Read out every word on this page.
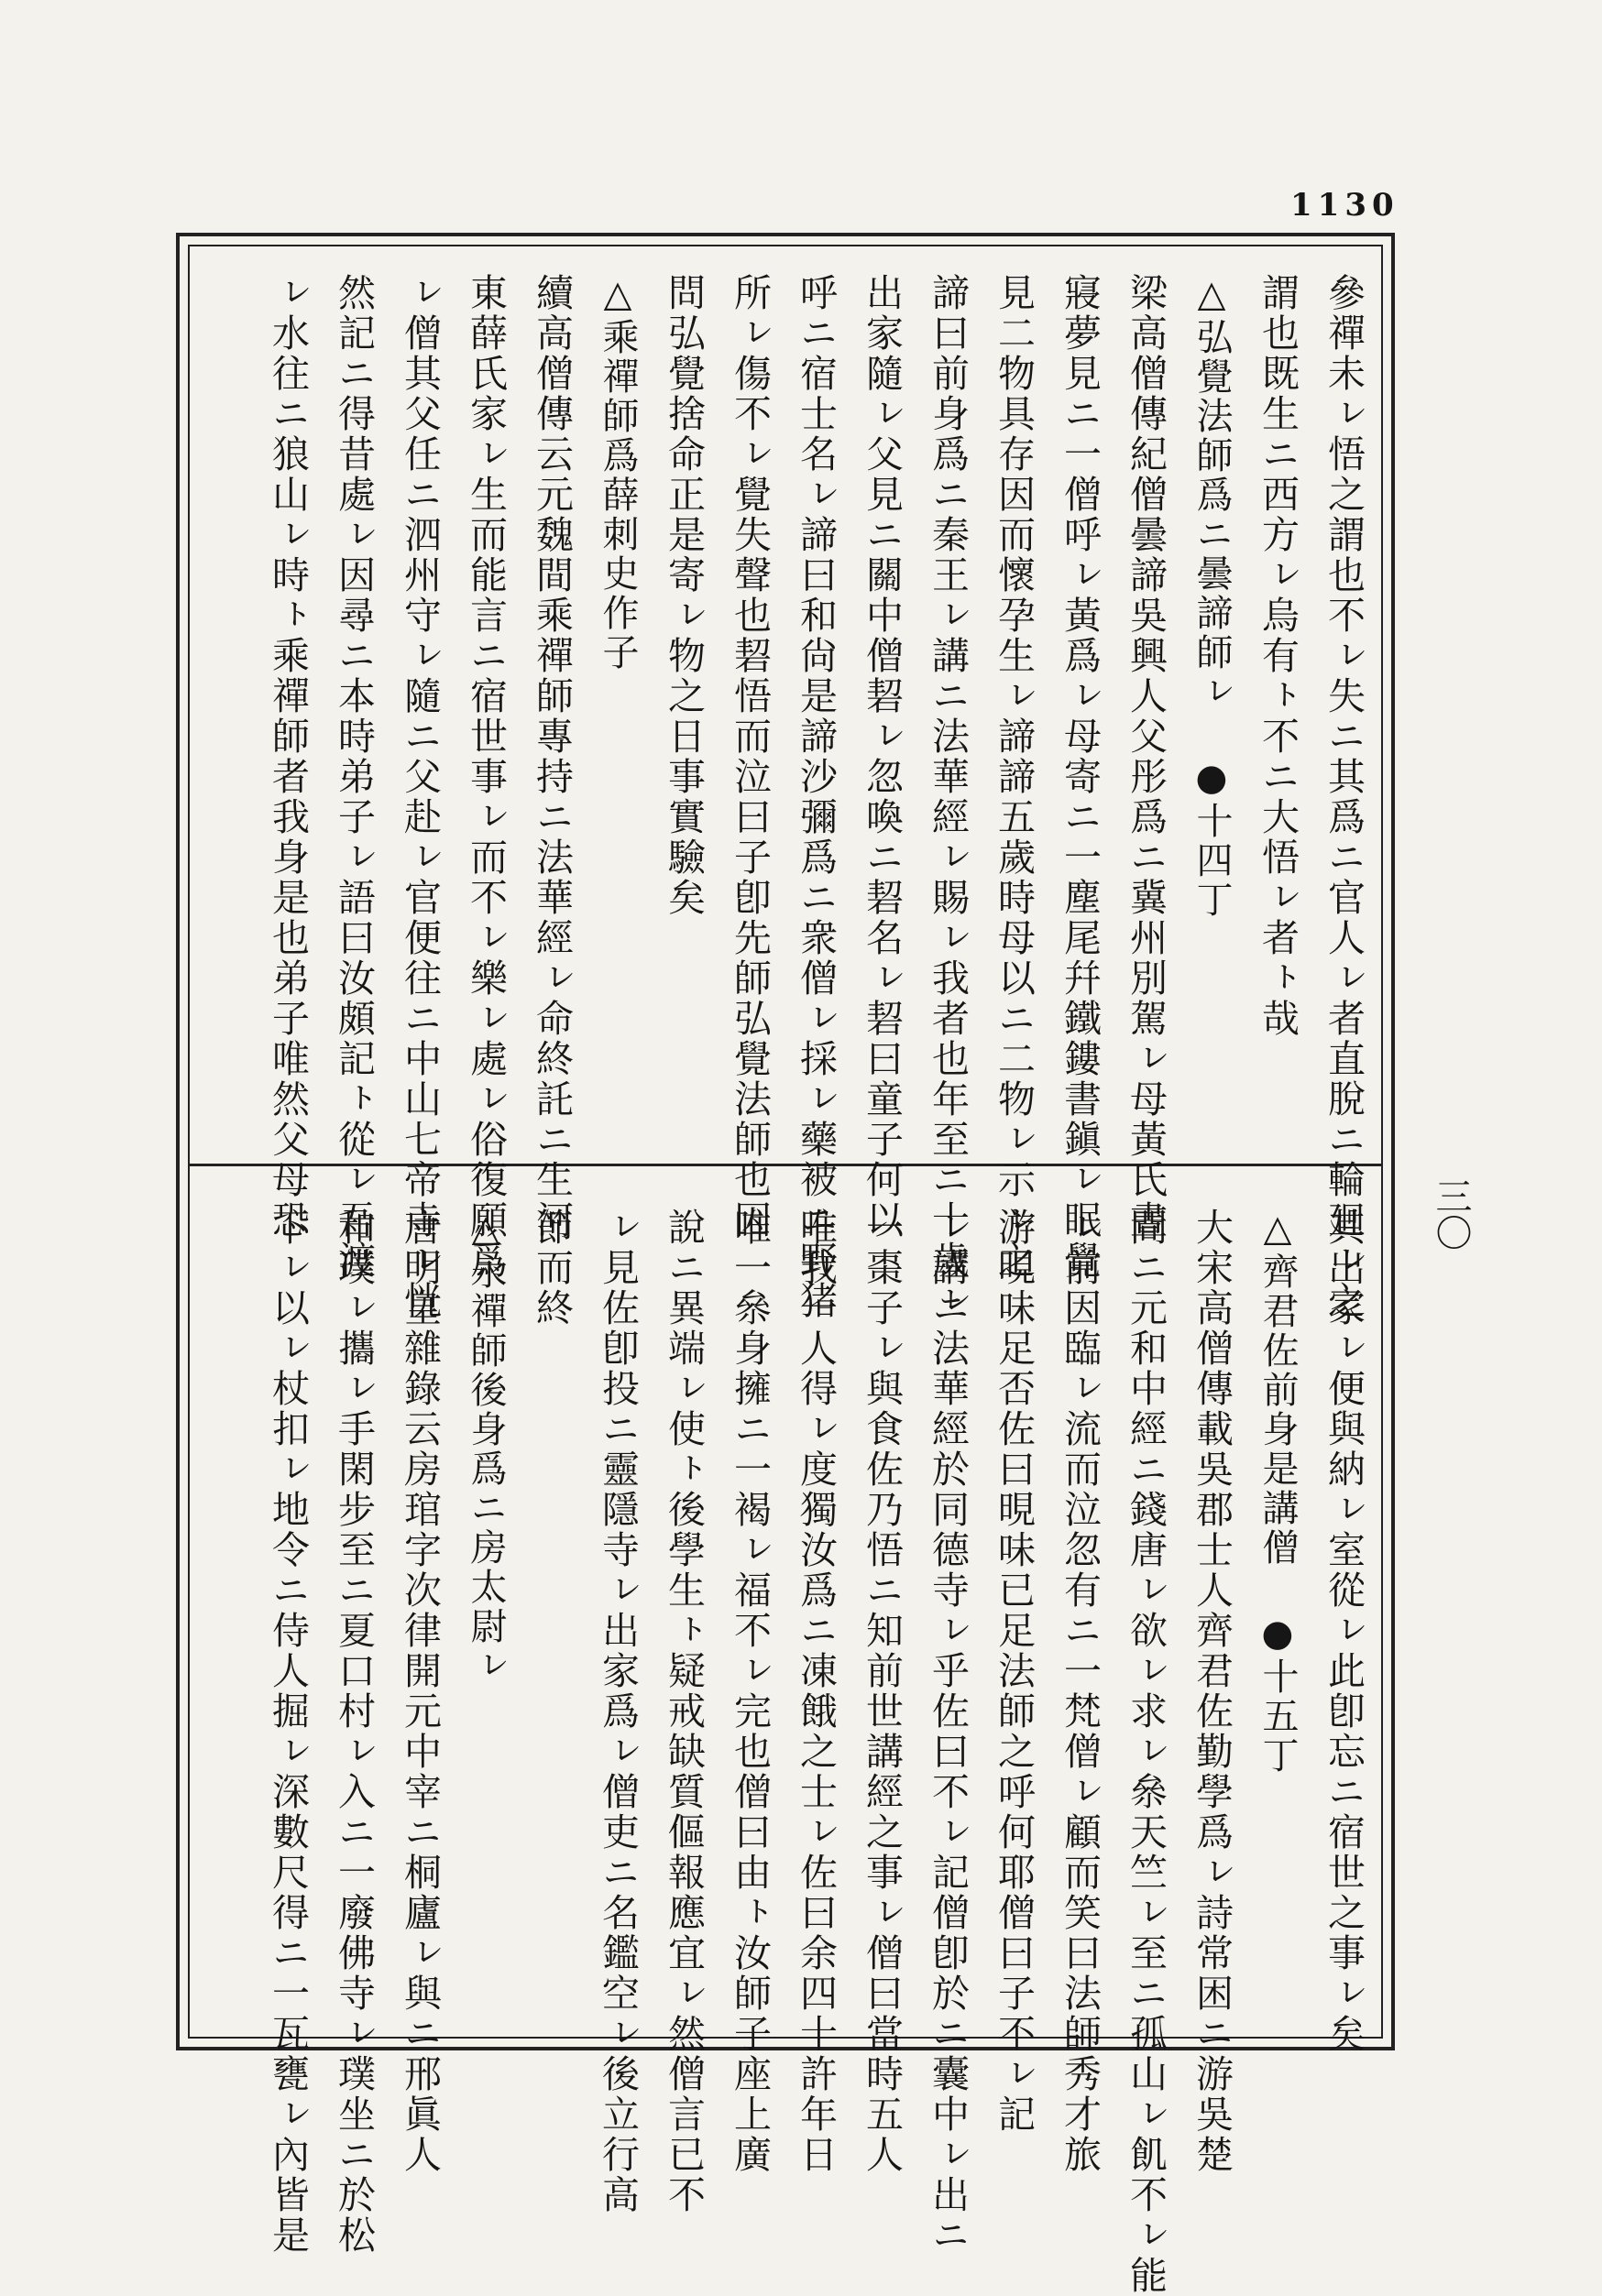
1130
三〇
參禪未ㇾ悟之謂也不ㇾ失ニ其爲ニ官人ㇾ者直脫ニ輪廻ㇾ之
謂也既生ニ西方ㇾ烏有ㇳ不ニ大悟ㇾ者ㇳ哉
△弘覺法師爲ニ曇諦師ㇾ ●十四丁
梁高僧傳紀僧曇諦吳興人父彤爲ニ冀州別駕ㇾ母黃氏晝
寢夢見ニ一僧呼ㇾ黃爲ㇾ母寄ニ一塵尾幷鐵鏤書鎭ㇾ眠覺
見二物具存因而懷孕生ㇾ諦諦五歲時母以ニ二物ㇾ示ㇾ之
諦曰前身爲ニ秦王ㇾ講ニ法華經ㇾ賜ㇾ我者也年至ニ十歲ㇾ
出家隨ㇾ父見ニ關中僧䂮ㇾ忽喚ニ䂮名ㇾ䂮曰童子何以
呼ニ宿士名ㇾ諦曰和尙是諦沙彌爲ニ衆僧ㇾ採ㇾ藥被ニ野猪
所ㇾ傷不ㇾ覺失聲也䂮悟而泣曰子卽先師弘覺法師也因
問弘覺捨命正是寄ㇾ物之日事實驗矣
△乘禪師爲薛刺史作子
續高僧傳云元魏間乘禪師專持ニ法華經ㇾ命終託ニ生河
東薛氏家ㇾ生而能言ニ宿世事ㇾ而不ㇾ樂ㇾ處ㇾ俗復願爲
ㇾ僧其父任ニ泗州守ㇾ隨ニ父赴ㇾ官便往ニ中山七帝寺ㇾ恍
然記ニ得昔處ㇾ因尋ニ本時弟子ㇾ語曰汝頗記ㇳ從ㇾ吾渡
ㇾ水往ニ狼山ㇾ時ㇳ乘禪師者我身是也弟子唯然父母恐
其出家ㇾ便與納ㇾ室從ㇾ此卽忘ニ宿世之事ㇾ矣
△齊君佐前身是講僧 ●十五丁
大宋高僧傳載吳郡士人齊君佐勤學爲ㇾ詩常困ニ游吳楚
間ニ元和中經ニ錢唐ㇾ欲ㇾ求ㇾ㕘天竺ㇾ至ニ孤山ㇾ飢不ㇾ能
ㇾ前因臨ㇾ流而泣忽有ニ一梵僧ㇾ顧而笑曰法師秀才旅
游晛味足否佐曰晛味已足法師之呼何耶僧曰子不ㇾ記
ㇾ講ニ法華經於同德寺ㇾ乎佐曰不ㇾ記僧卽於ニ囊中ㇾ出ニ
一棗子ㇾ與食佐乃悟ニ知前世講經之事ㇾ僧曰當時五人
唯我一人得ㇾ度獨汝爲ニ凍餓之士ㇾ佐曰余四十許年日
唯一㕘身擁ニ一褐ㇾ福不ㇾ完也僧曰由ㇳ汝師子座上廣
說ニ異端ㇾ使ㇳ後學生ㇳ疑戒缺質傴報應宜ㇾ然僧言已不
ㇾ見佐卽投ニ靈隱寺ㇾ出家爲ㇾ僧吏ニ名鑑空ㇾ後立行高
節而終
△永禪師後身爲ニ房太尉ㇾ
唐明皇雜錄云房琯字次律開元中宰ニ桐廬ㇾ與ニ邢眞人
和璞ㇾ攜ㇾ手閑步至ニ夏口村ㇾ入ニ一廢佛寺ㇾ璞坐ニ於松
下ㇾ以ㇾ杖扣ㇾ地令ニ侍人掘ㇾ深數尺得ニ一瓦甕ㇾ內皆是
